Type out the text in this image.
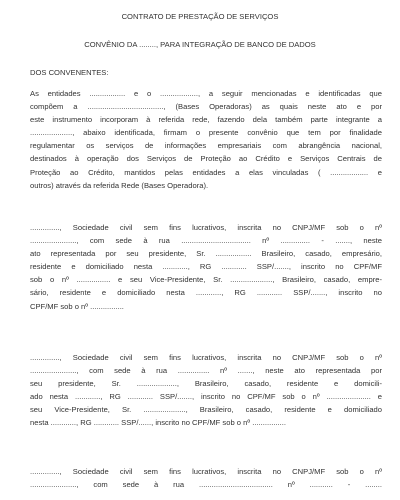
CONTRATO DE PRESTAÇÃO DE SERVIÇOS
CONVÊNIO DA ........, PARA INTEGRAÇÃO DE BANCO DE DADOS
DOS CONVENENTES:
As entidades ................. e o .................., a seguir mencionadas e identificadas que
compõem a ...................................., (Bases Operadoras) as quais neste ato e por
este instrumento incorporam à referida rede, fazendo dela também parte integrante a
...................., abaixo identificada, firmam o presente convênio que tem por finalidade
regulamentar os serviços de informações empresariais com abrangência nacional,
destinados à operação dos Serviços de Proteção ao Crédito e Serviços Centrais de
Proteção ao Crédito, mantidos pelas entidades a elas vinculadas ( .................. e
outros) através da referida Rede (Bases Operadora).
.............., Sociedade civil sem fins lucrativos, inscrita no CNPJ/MF sob o nº
......................, com sede à rua ................................. nº .............. - ......., neste
ato representada por seu presidente, Sr. ................. Brasileiro, casado, empresário,
residente e domiciliado nesta ............, RG ............ SSP/......., inscrito no CPF/MF
sob o nº ................ e seu Vice-Presidente, Sr. ...................., Brasileiro, casado, empre-
sário, residente e domiciliado nesta ............, RG ............ SSP/......., inscrito no
CPF/MF sob o nº ................
.............., Sociedade civil sem fins lucrativos, inscrita no CNPJ/MF sob o nº
......................, com sede à rua ............... nº ......., neste ato representada por
seu presidente, Sr. ..................., Brasileiro, casado, residente e domicili-
ado nesta ............, RG ............ SSP/......., inscrito no CPF/MF sob o nº ..................... e
seu Vice-Presidente, Sr. ...................., Brasileiro, casado, residente e domiciliado
nesta ............, RG ............ SSP/......, inscrito no CPF/MF sob o nº ................
.............., Sociedade civil sem fins lucrativos, inscrita no CNPJ/MF sob o nº
......................, com sede à rua ................................... nº ........... - ........
